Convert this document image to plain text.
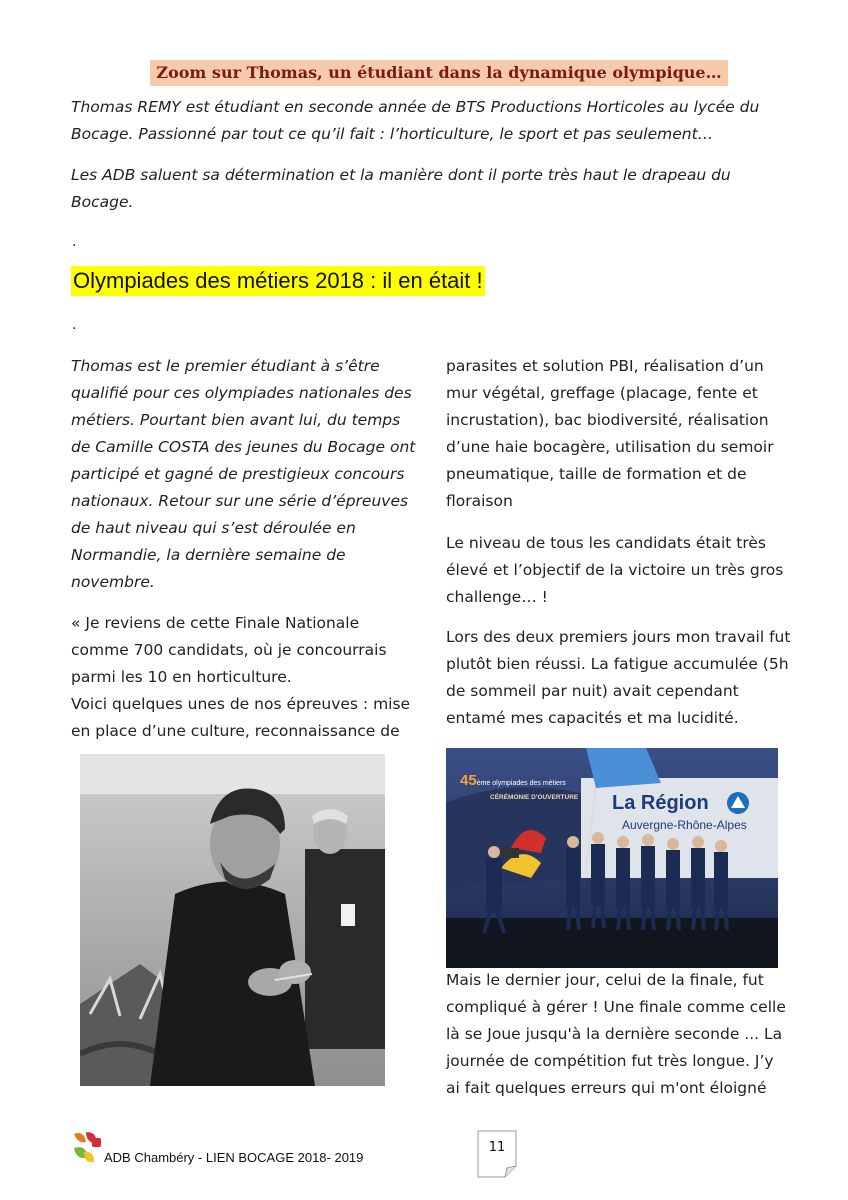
Zoom sur Thomas, un étudiant dans la dynamique olympique…
Thomas REMY est étudiant en seconde année de BTS Productions Horticoles au lycée du Bocage. Passionné par tout ce qu’il fait : l’horticulture, le sport et pas seulement…
Les ADB saluent sa détermination et la manière dont il porte très haut le drapeau du Bocage.
.
Olympiades des métiers 2018 : il en était !
.
Thomas est le premier étudiant à s’être qualifié pour ces olympiades nationales des métiers. Pourtant bien avant lui, du temps de Camille COSTA des jeunes du Bocage ont participé et gagné de prestigieux concours nationaux. Retour sur une série d’épreuves de haut niveau qui s’est déroulée en Normandie, la dernière semaine de novembre.
« Je reviens de cette Finale Nationale comme 700 candidats, où je concourrais parmi les 10 en horticulture.
Voici quelques unes de nos épreuves : mise en place d’une culture, reconnaissance de
parasites et solution PBI, réalisation d’un mur végétal, greffage (placage, fente et incrustation), bac biodiversité, réalisation d’une haie bocagère, utilisation du semoir pneumatique, taille de formation et de floraison
Le niveau de tous les candidats était très élevé et l’objectif de la victoire un très gros challenge… !
Lors des deux premiers jours mon travail fut plutôt bien réussi. La fatigue accumulée (5h de sommeil par nuit) avait cependant entamé mes capacités et ma lucidité.
Mais le dernier jour, celui de la finale, fut compliqué à gérer ! Une finale comme celle là se Joue jusqu'à la dernière seconde ... La journée de compétition fut très longue. J’y ai fait quelques erreurs qui m'ont éloigné
45ème olympiades des métiers
CÉRÉMONIE D'OUVERTURE La Région
Auvergne-Rhône-Alpes
ADB Chambéry - LIEN BOCAGE 2018- 2019
11
